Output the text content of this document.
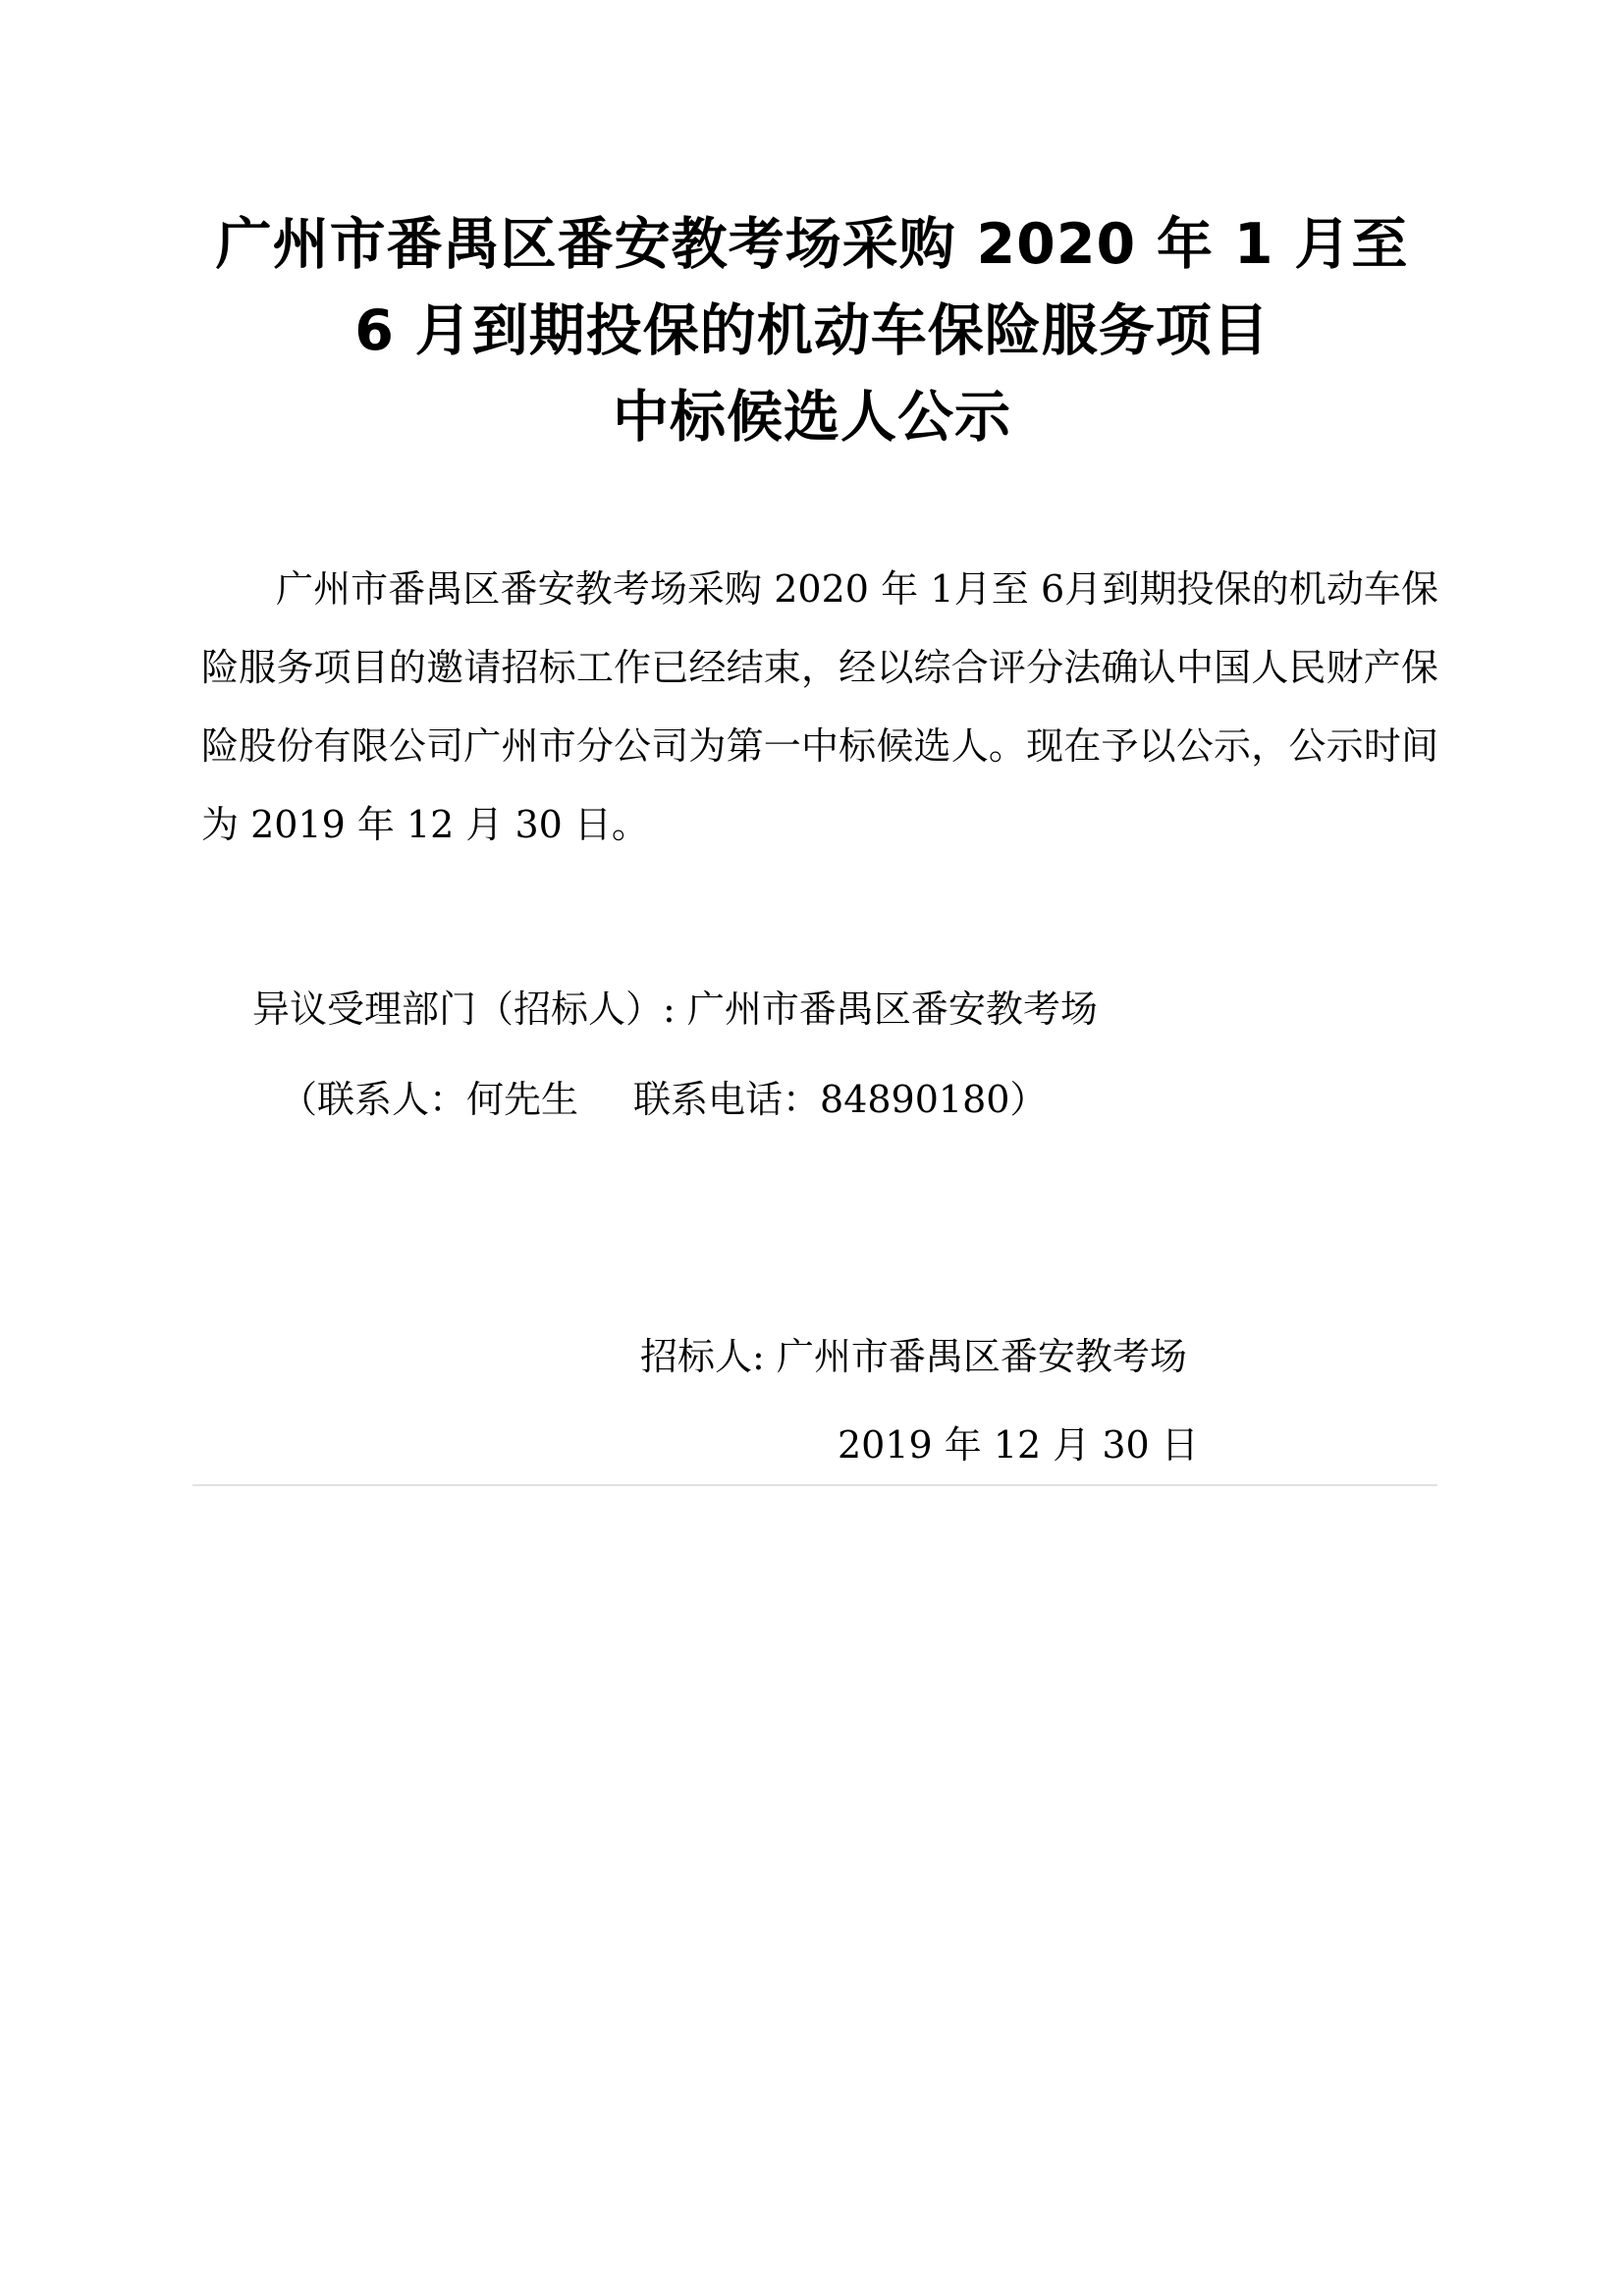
广州市番禺区番安教考场采购 2020 年 1 月至
6 月到期投保的机动车保险服务项目
中标候选人公示

广州市番禺区番安教考场采购 2020 年 1月至 6月到期投保的机动车保险服务项目的邀请招标工作已经结束，经以综合评分法确认中国人民财产保险股份有限公司广州市分公司为第一中标候选人。现在予以公示，公示时间为 2019 年 12 月 30 日。

异议受理部门（招标人）: 广州市番禺区番安教考场

（联系人：何先生 联系电话：84890180）

招标人: 广州市番禺区番安教考场

2019 年 12 月 30 日
